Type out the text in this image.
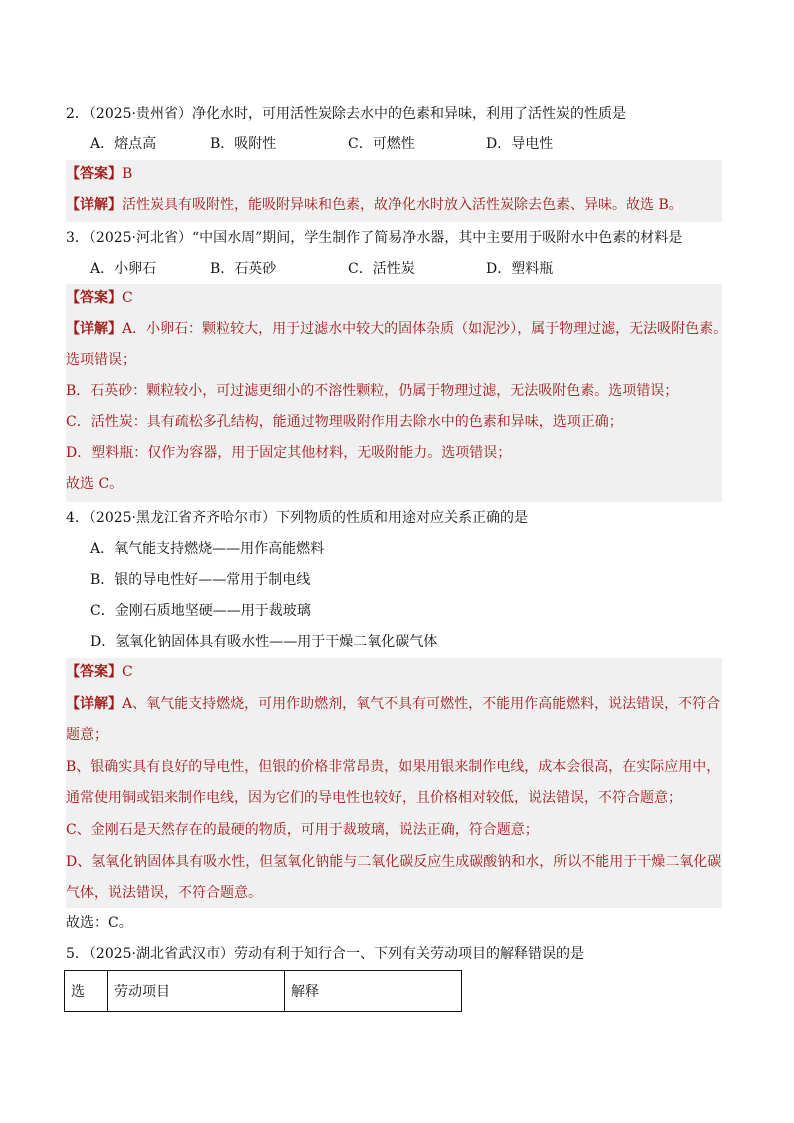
2．（2025·贵州省）净化水时，可用活性炭除去水中的色素和异味，利用了活性炭的性质是
A．熔点高	B．吸附性	C．可燃性	D．导电性
【答案】B
【详解】活性炭具有吸附性，能吸附异味和色素，故净化水时放入活性炭除去色素、异味。故选 B。
3．（2025·河北省）“中国水周”期间，学生制作了简易净水器，其中主要用于吸附水中色素的材料是
A．小卵石	B．石英砂	C．活性炭	D．塑料瓶
【答案】C
【详解】A．小卵石：颗粒较大，用于过滤水中较大的固体杂质（如泥沙），属于物理过滤，无法吸附色素。
选项错误；
B．石英砂：颗粒较小，可过滤更细小的不溶性颗粒，仍属于物理过滤，无法吸附色素。选项错误；
C．活性炭：具有疏松多孔结构，能通过物理吸附作用去除水中的色素和异味，选项正确；
D．塑料瓶：仅作为容器，用于固定其他材料，无吸附能力。选项错误；
故选 C。
4．（2025·黑龙江省齐齐哈尔市）下列物质的性质和用途对应关系正确的是
A．氧气能支持燃烧——用作高能燃料
B．银的导电性好——常用于制电线
C．金刚石质地坚硬——用于裁玻璃
D．氢氧化钠固体具有吸水性——用于干燥二氧化碳气体
【答案】C
【详解】A、氧气能支持燃烧，可用作助燃剂，氧气不具有可燃性，不能用作高能燃料，说法错误，不符合
题意；
B、银确实具有良好的导电性，但银的价格非常昂贵，如果用银来制作电线，成本会很高，在实际应用中，
通常使用铜或铝来制作电线，因为它们的导电性也较好，且价格相对较低，说法错误，不符合题意；
C、金刚石是天然存在的最硬的物质，可用于裁玻璃，说法正确，符合题意；
D、氢氧化钠固体具有吸水性，但氢氧化钠能与二氧化碳反应生成碳酸钠和水，所以不能用于干燥二氧化碳
气体，说法错误，不符合题意。
故选：C。
5．（2025·湖北省武汉市）劳动有利于知行合一、下列有关劳动项目的解释错误的是
选	劳动项目	解释
